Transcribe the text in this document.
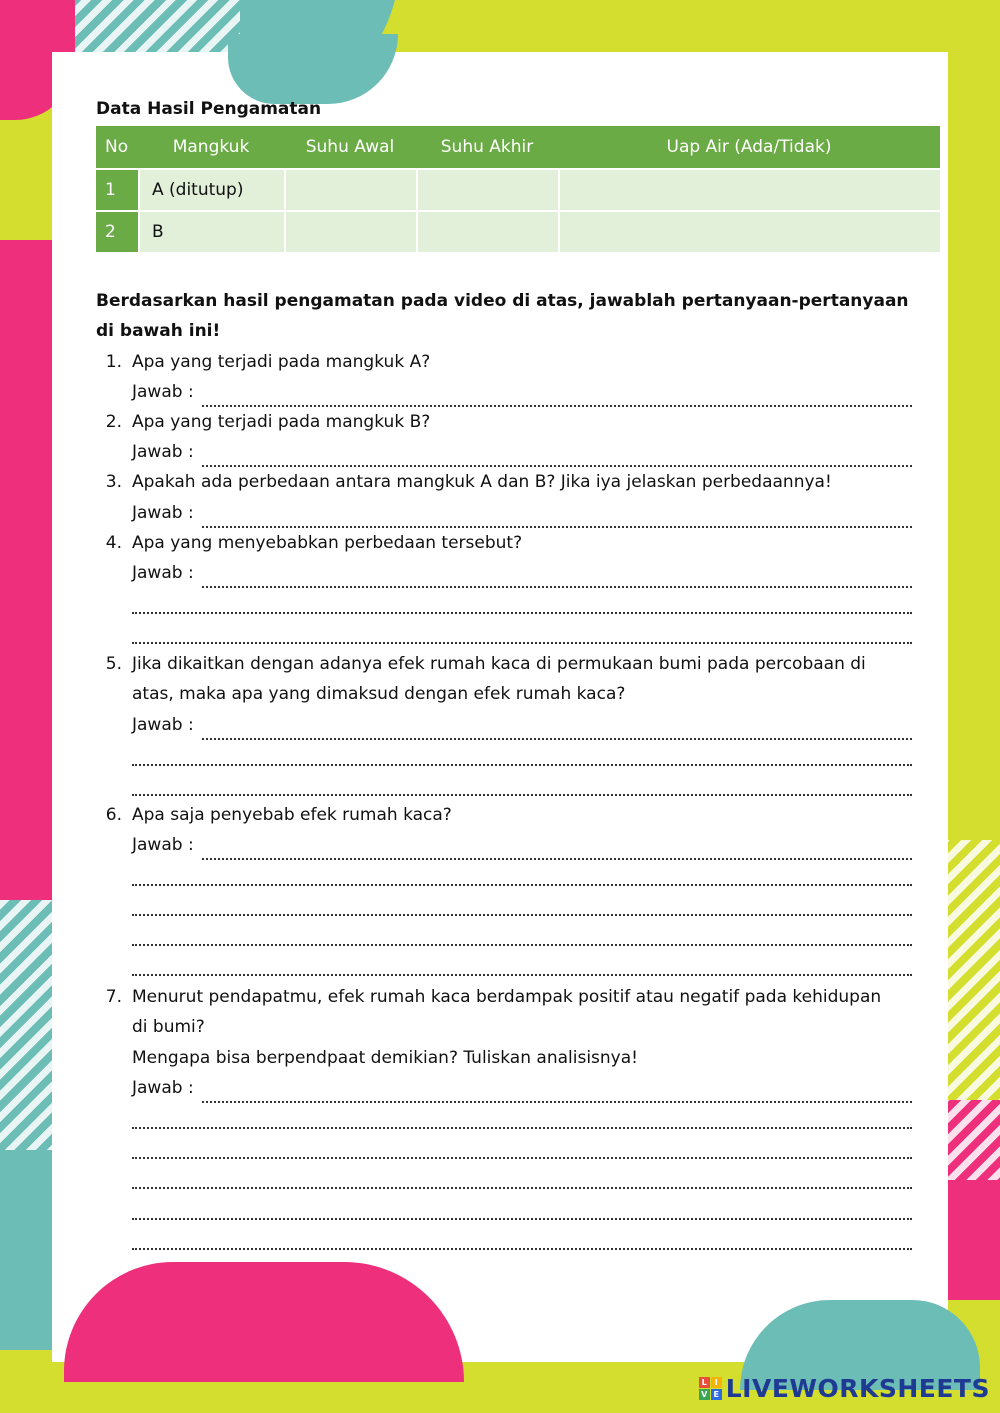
Data Hasil Pengamatan
No	Mangkuk	Suhu Awal	Suhu Akhir	Uap Air (Ada/Tidak)
1	A (ditutup)			
2	B			
Berdasarkan hasil pengamatan pada video di atas, jawablah pertanyaan-pertanyaan di bawah ini!
1. Apa yang terjadi pada mangkuk A?
Jawab :
2. Apa yang terjadi pada mangkuk B?
Jawab :
3. Apakah ada perbedaan antara mangkuk A dan B? Jika iya jelaskan perbedaannya!
Jawab :
4. Apa yang menyebabkan perbedaan tersebut?
Jawab :
5. Jika dikaitkan dengan adanya efek rumah kaca di permukaan bumi pada percobaan di
atas, maka apa yang dimaksud dengan efek rumah kaca?
Jawab :
6. Apa saja penyebab efek rumah kaca?
Jawab :
7. Menurut pendapatmu, efek rumah kaca berdampak positif atau negatif pada kehidupan
di bumi?
Mengapa bisa berpendpaat demikian? Tuliskan analisisnya!
Jawab :
L I
V E LIVEWORKSHEETS
